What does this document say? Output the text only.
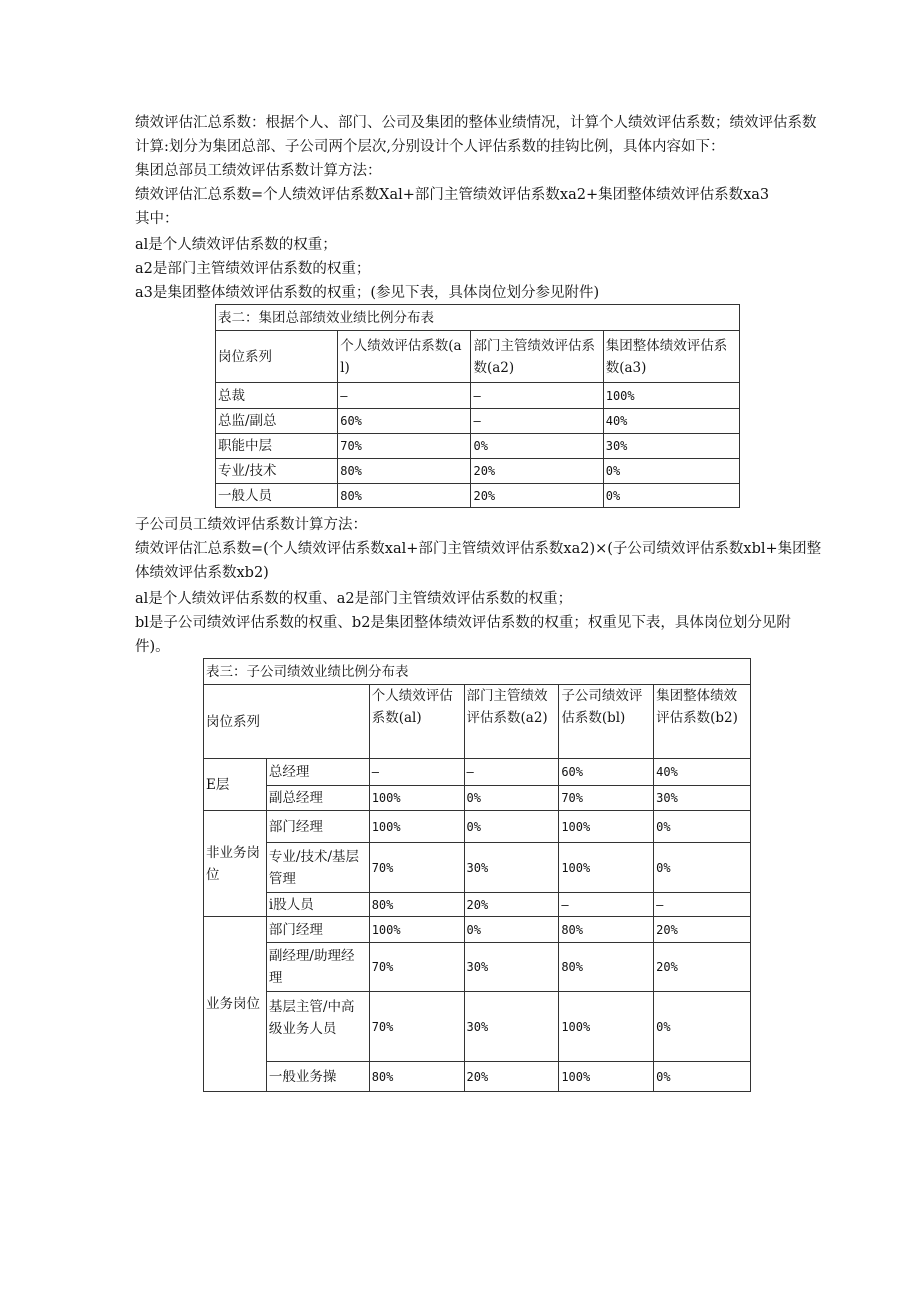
绩效评估汇总系数：根据个人、部门、公司及集团的整体业绩情况，计算个人绩效评估系数；绩效评估系数计算:划分为集团总部、子公司两个层次,分别设计个人评估系数的挂钩比例，具体内容如下：

集团总部员工绩效评估系数计算方法：

绩效评估汇总系数=个人绩效评估系数Xal+部门主管绩效评估系数xa2+集团整体绩效评估系数xa3

其中：

al是个人绩效评估系数的权重；

a2是部门主管绩效评估系数的权重；

a3是集团整体绩效评估系数的权重；(参见下表，具体岗位划分参见附件)

表二：集团总部绩效业绩比例分布表			
岗位系列	个人绩效评估系数(al)	部门主管绩效评估系数(a2)	集团整体绩效评估系数(a3)
总裁	—	—	100%
总监/副总	60%	—	40%
职能中层	70%	0%	30%
专业/技术	80%	20%	0%
一般人员	80%	20%	0%

子公司员工绩效评估系数计算方法：

绩效评估汇总系数=(个人绩效评估系数xal+部门主管绩效评估系数xa2)×(子公司绩效评估系数xbl+集团整体绩效评估系数xb2)

al是个人绩效评估系数的权重、a2是部门主管绩效评估系数的权重；

bl是子公司绩效评估系数的权重、b2是集团整体绩效评估系数的权重；权重见下表，具体岗位划分见附件)。

表三：子公司绩效业绩比例分布表					
岗位系列		个人绩效评估系数(al)	部门主管绩效评估系数(a2)	子公司绩效评估系数(bl)	集团整体绩效评估系数(b2)
E层	总经理	—	—	60%	40%
	副总经理	100%	0%	70%	30%
非业务岗位	部门经理	100%	0%	100%	0%
	专业/技术/基层管理	70%	30%	100%	0%
	i股人员	80%	20%	—	—
业务岗位	部门经理	100%	0%	80%	20%
	副经理/助理经理	70%	30%	80%	20%
	基层主管/中高级业务人员	70%	30%	100%	0%
	一般业务操	80%	20%	100%	0%
